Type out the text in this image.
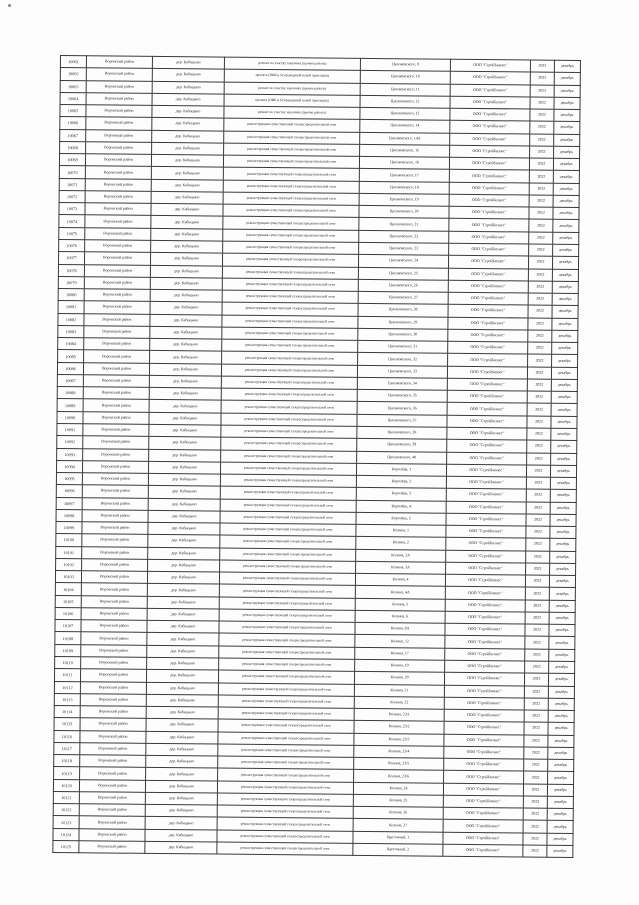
10061	Воронский район	дер. Кабицыно	ремонт по участку заказчика (прочие работы)	Циолковского, 9	ООО "СтройБизнес"	2022	декабрь
10062	Воронский район	дер. Кабицыно	проекта (ПИБ и безгражданый новой прокладки)	Циолковского, 10	ООО "СтройБизнес"	2022	декабрь
10063	Воронский район	дер. Кабицыно	ремонт по участку заказчика (прочие работы)	Циолковского, 11	ООО "СтройБизнес"	2022	декабрь
10064	Воронский район	дер. Кабицыно	проекта (ПИБ и безгражданый новой прокладки)	Циолковского, 12	ООО "СтройБизнес"	2022	декабрь
10065	Воронский район	дер. Кабицыно	ремонт по участку заказчика (прочие работы)	Циолковского, 13	ООО "СтройБизнес"	2022	декабрь
10066	Воронский район	дер. Кабицыно	реконструкция существующей газораспределительной сети	Циолковского, 14	ООО "СтройБизнес"	2022	декабрь
10067	Воронский район	дер. Кабицыно	реконструкция существующей газораспределительной сети	Циолковского, 14А	ООО "СтройБизнес"	2022	декабрь
10068	Воронский район	дер. Кабицыно	реконструкция существующей газораспределительной сети	Циолковского, 15	ООО "СтройБизнес"	2022	декабрь
10069	Воронский район	дер. Кабицыно	реконструкция существующей газораспределительной сети	Циолковского, 16	ООО "СтройБизнес"	2022	декабрь
10070	Воронский район	дер. Кабицыно	реконструкция существующей газораспределительной сети	Циолковского, 17	ООО "СтройБизнес"	2022	декабрь
10071	Воронский район	дер. Кабицыно	реконструкция существующей газораспределительной сети	Циолковского, 18	ООО "СтройБизнес"	2022	декабрь
10072	Воронский район	дер. Кабицыно	реконструкция существующей газораспределительной сети	Циолковского, 19	ООО "СтройБизнес"	2022	декабрь
10073	Воронский район	дер. Кабицыно	реконструкция существующей газораспределительной сети	Циолковского, 20	ООО "СтройБизнес"	2022	декабрь
10074	Воронский район	дер. Кабицыно	реконструкция существующей газораспределительной сети	Циолковского, 21	ООО "СтройБизнес"	2022	декабрь
10075	Воронский район	дер. Кабицыно	реконструкция существующей газораспределительной сети	Циолковского, 22	ООО "СтройБизнес"	2022	декабрь
10076	Воронский район	дер. Кабицыно	реконструкция существующей газораспределительной сети	Циолковского, 23	ООО "СтройБизнес"	2022	декабрь
10077	Воронский район	дер. Кабицыно	реконструкция существующей газораспределительной сети	Циолковского, 24	ООО "СтройБизнес"	2022	декабрь
10078	Воронский район	дер. Кабицыно	реконструкция существующей газораспределительной сети	Циолковского, 25	ООО "СтройБизнес"	2022	декабрь
10079	Воронский район	дер. Кабицыно	реконструкция существующей газораспределительной сети	Циолковского, 26	ООО "СтройБизнес"	2022	декабрь
10080	Воронский район	дер. Кабицыно	реконструкция существующей газораспределительной сети	Циолковского, 27	ООО "СтройБизнес"	2022	декабрь
10081	Воронский район	дер. Кабицыно	реконструкция существующей газораспределительной сети	Циолковского, 28	ООО "СтройБизнес"	2022	декабрь
10082	Воронский район	дер. Кабицыно	реконструкция существующей газораспределительной сети	Циолковского, 29	ООО "СтройБизнес"	2022	декабрь
10083	Воронский район	дер. Кабицыно	реконструкция существующей газораспределительной сети	Циолковского, 30	ООО "СтройБизнес"	2022	декабрь
10084	Воронский район	дер. Кабицыно	реконструкция существующей газораспределительной сети	Циолковского, 31	ООО "СтройБизнес"	2022	декабрь
10085	Воронский район	дер. Кабицыно	реконструкция существующей газораспределительной сети	Циолковского, 32	ООО "СтройБизнес"	2022	декабрь
10086	Воронский район	дер. Кабицыно	реконструкция существующей газораспределительной сети	Циолковского, 33	ООО "СтройБизнес"	2022	декабрь
10087	Воронский район	дер. Кабицыно	реконструкция существующей газораспределительной сети	Циолковского, 34	ООО "СтройБизнес"	2022	декабрь
10088	Воронский район	дер. Кабицыно	реконструкция существующей газораспределительной сети	Циолковского, 35	ООО "СтройБизнес"	2022	декабрь
10089	Воронский район	дер. Кабицыно	реконструкция существующей газораспределительной сети	Циолковского, 36	ООО "СтройБизнес"	2022	декабрь
10090	Воронский район	дер. Кабицыно	реконструкция существующей газораспределительной сети	Циолковского, 37	ООО "СтройБизнес"	2022	декабрь
10091	Воронский район	дер. Кабицыно	реконструкция существующей газораспределительной сети	Циолковского, 38	ООО "СтройБизнес"	2022	декабрь
10092	Воронский район	дер. Кабицыно	реконструкция существующей газораспределительной сети	Циолковского, 39	ООО "СтройБизнес"	2022	декабрь
10093	Воронский район	дер. Кабицыно	реконструкция существующей газораспределительной сети	Циолковского, 40	ООО "СтройБизнес"	2022	декабрь
10094	Воронский район	дер. Кабицыно	реконструкция существующей газораспределительной сети	Королёва, 1	ООО "СтройБизнес"	2022	декабрь
10095	Воронский район	дер. Кабицыно	реконструкция существующей газораспределительной сети	Королёва, 2	ООО "СтройБизнес"	2022	декабрь
10096	Воронский район	дер. Кабицыно	реконструкция существующей газораспределительной сети	Королёва, 3	ООО "СтройБизнес"	2022	декабрь
10097	Воронский район	дер. Кабицыно	реконструкция существующей газораспределительной сети	Королёва, 4	ООО "СтройБизнес"	2022	декабрь
10098	Воронский район	дер. Кабицыно	реконструкция существующей газораспределительной сети	Королёва, 5	ООО "СтройБизнес"	2022	декабрь
10099	Воронский район	дер. Кабицыно	реконструкция существующей газораспределительной сети	Колина, 1	ООО "СтройБизнес"	2022	декабрь
10100	Воронский район	дер. Кабицыно	реконструкция существующей газораспределительной сети	Колина, 2	ООО "СтройБизнес"	2022	декабрь
10101	Воронский район	дер. Кабицыно	реконструкция существующей газораспределительной сети	Колина, 2А	ООО "СтройБизнес"	2022	декабрь
10102	Воронский район	дер. Кабицыно	реконструкция существующей газораспределительной сети	Колина, 3А	ООО "СтройБизнес"	2022	декабрь
10103	Воронский район	дер. Кабицыно	реконструкция существующей газораспределительной сети	Колина, 4	ООО "СтройБизнес"	2022	декабрь
10104	Воронский район	дер. Кабицыно	реконструкция существующей газораспределительной сети	Колина, 4А	ООО "СтройБизнес"	2022	декабрь
10105	Воронский район	дер. Кабицыно	реконструкция существующей газораспределительной сети	Колина, 5	ООО "СтройБизнес"	2022	декабрь
10106	Воронский район	дер. Кабицыно	реконструкция существующей газораспределительной сети	Колина, 6	ООО "СтройБизнес"	2022	декабрь
10107	Воронский район	дер. Кабицыно	реконструкция существующей газораспределительной сети	Колина, 8А	ООО "СтройБизнес"	2022	декабрь
10108	Воронский район	дер. Кабицыно	реконструкция существующей газораспределительной сети	Колина, 12	ООО "СтройБизнес"	2022	декабрь
10109	Воронский район	дер. Кабицыно	реконструкция существующей газораспределительной сети	Колина, 17	ООО "СтройБизнес"	2022	декабрь
10110	Воронский район	дер. Кабицыно	реконструкция существующей газораспределительной сети	Колина, 19	ООО "СтройБизнес"	2022	декабрь
10111	Воронский район	дер. Кабицыно	реконструкция существующей газораспределительной сети	Колина, 20	ООО "СтройБизнес"	2022	декабрь
10112	Воронский район	дер. Кабицыно	реконструкция существующей газораспределительной сети	Колина, 21	ООО "СтройБизнес"	2022	декабрь
10113	Воронский район	дер. Кабицыно	реконструкция существующей газораспределительной сети	Колина, 22	ООО "СтройБизнес"	2022	декабрь
10114	Воронский район	дер. Кабицыно	реконструкция существующей газораспределительной сети	Колина, 23/1	ООО "СтройБизнес"	2022	декабрь
10115	Воронский район	дер. Кабицыно	реконструкция существующей газораспределительной сети	Колина, 23/2	ООО "СтройБизнес"	2022	декабрь
10116	Воронский район	дер. Кабицыно	реконструкция существующей газораспределительной сети	Колина, 23/3	ООО "СтройБизнес"	2022	декабрь
10117	Воронский район	дер. Кабицыно	реконструкция существующей газораспределительной сети	Колина, 23/4	ООО "СтройБизнес"	2022	декабрь
10118	Воронский район	дер. Кабицыно	реконструкция существующей газораспределительной сети	Колина, 23/5	ООО "СтройБизнес"	2022	декабрь
10119	Воронский район	дер. Кабицыно	реконструкция существующей газораспределительной сети	Колина, 23/6	ООО "СтройБизнес"	2022	декабрь
10120	Воронский район	дер. Кабицыно	реконструкция существующей газораспределительной сети	Колина, 24	ООО "СтройБизнес"	2022	декабрь
10121	Воронский район	дер. Кабицыно	реконструкция существующей газораспределительной сети	Колина, 25	ООО "СтройБизнес"	2022	декабрь
10122	Воронский район	дер. Кабицыно	реконструкция существующей газораспределительной сети	Колина, 26	ООО "СтройБизнес"	2022	декабрь
10123	Воронский район	дер. Кабицыно	реконструкция существующей газораспределительной сети	Колина, 27	ООО "СтройБизнес"	2022	декабрь
10124	Воронский район	дер. Кабицыно	реконструкция существующей газораспределительной сети	Цветочный, 1	ООО "СтройБизнес"	2022	декабрь
10125	Воронский район	дер. Кабицыно	реконструкция существующей газораспределительной сети	Цветочный, 2	ООО "СтройБизнес"	2022	декабрь
